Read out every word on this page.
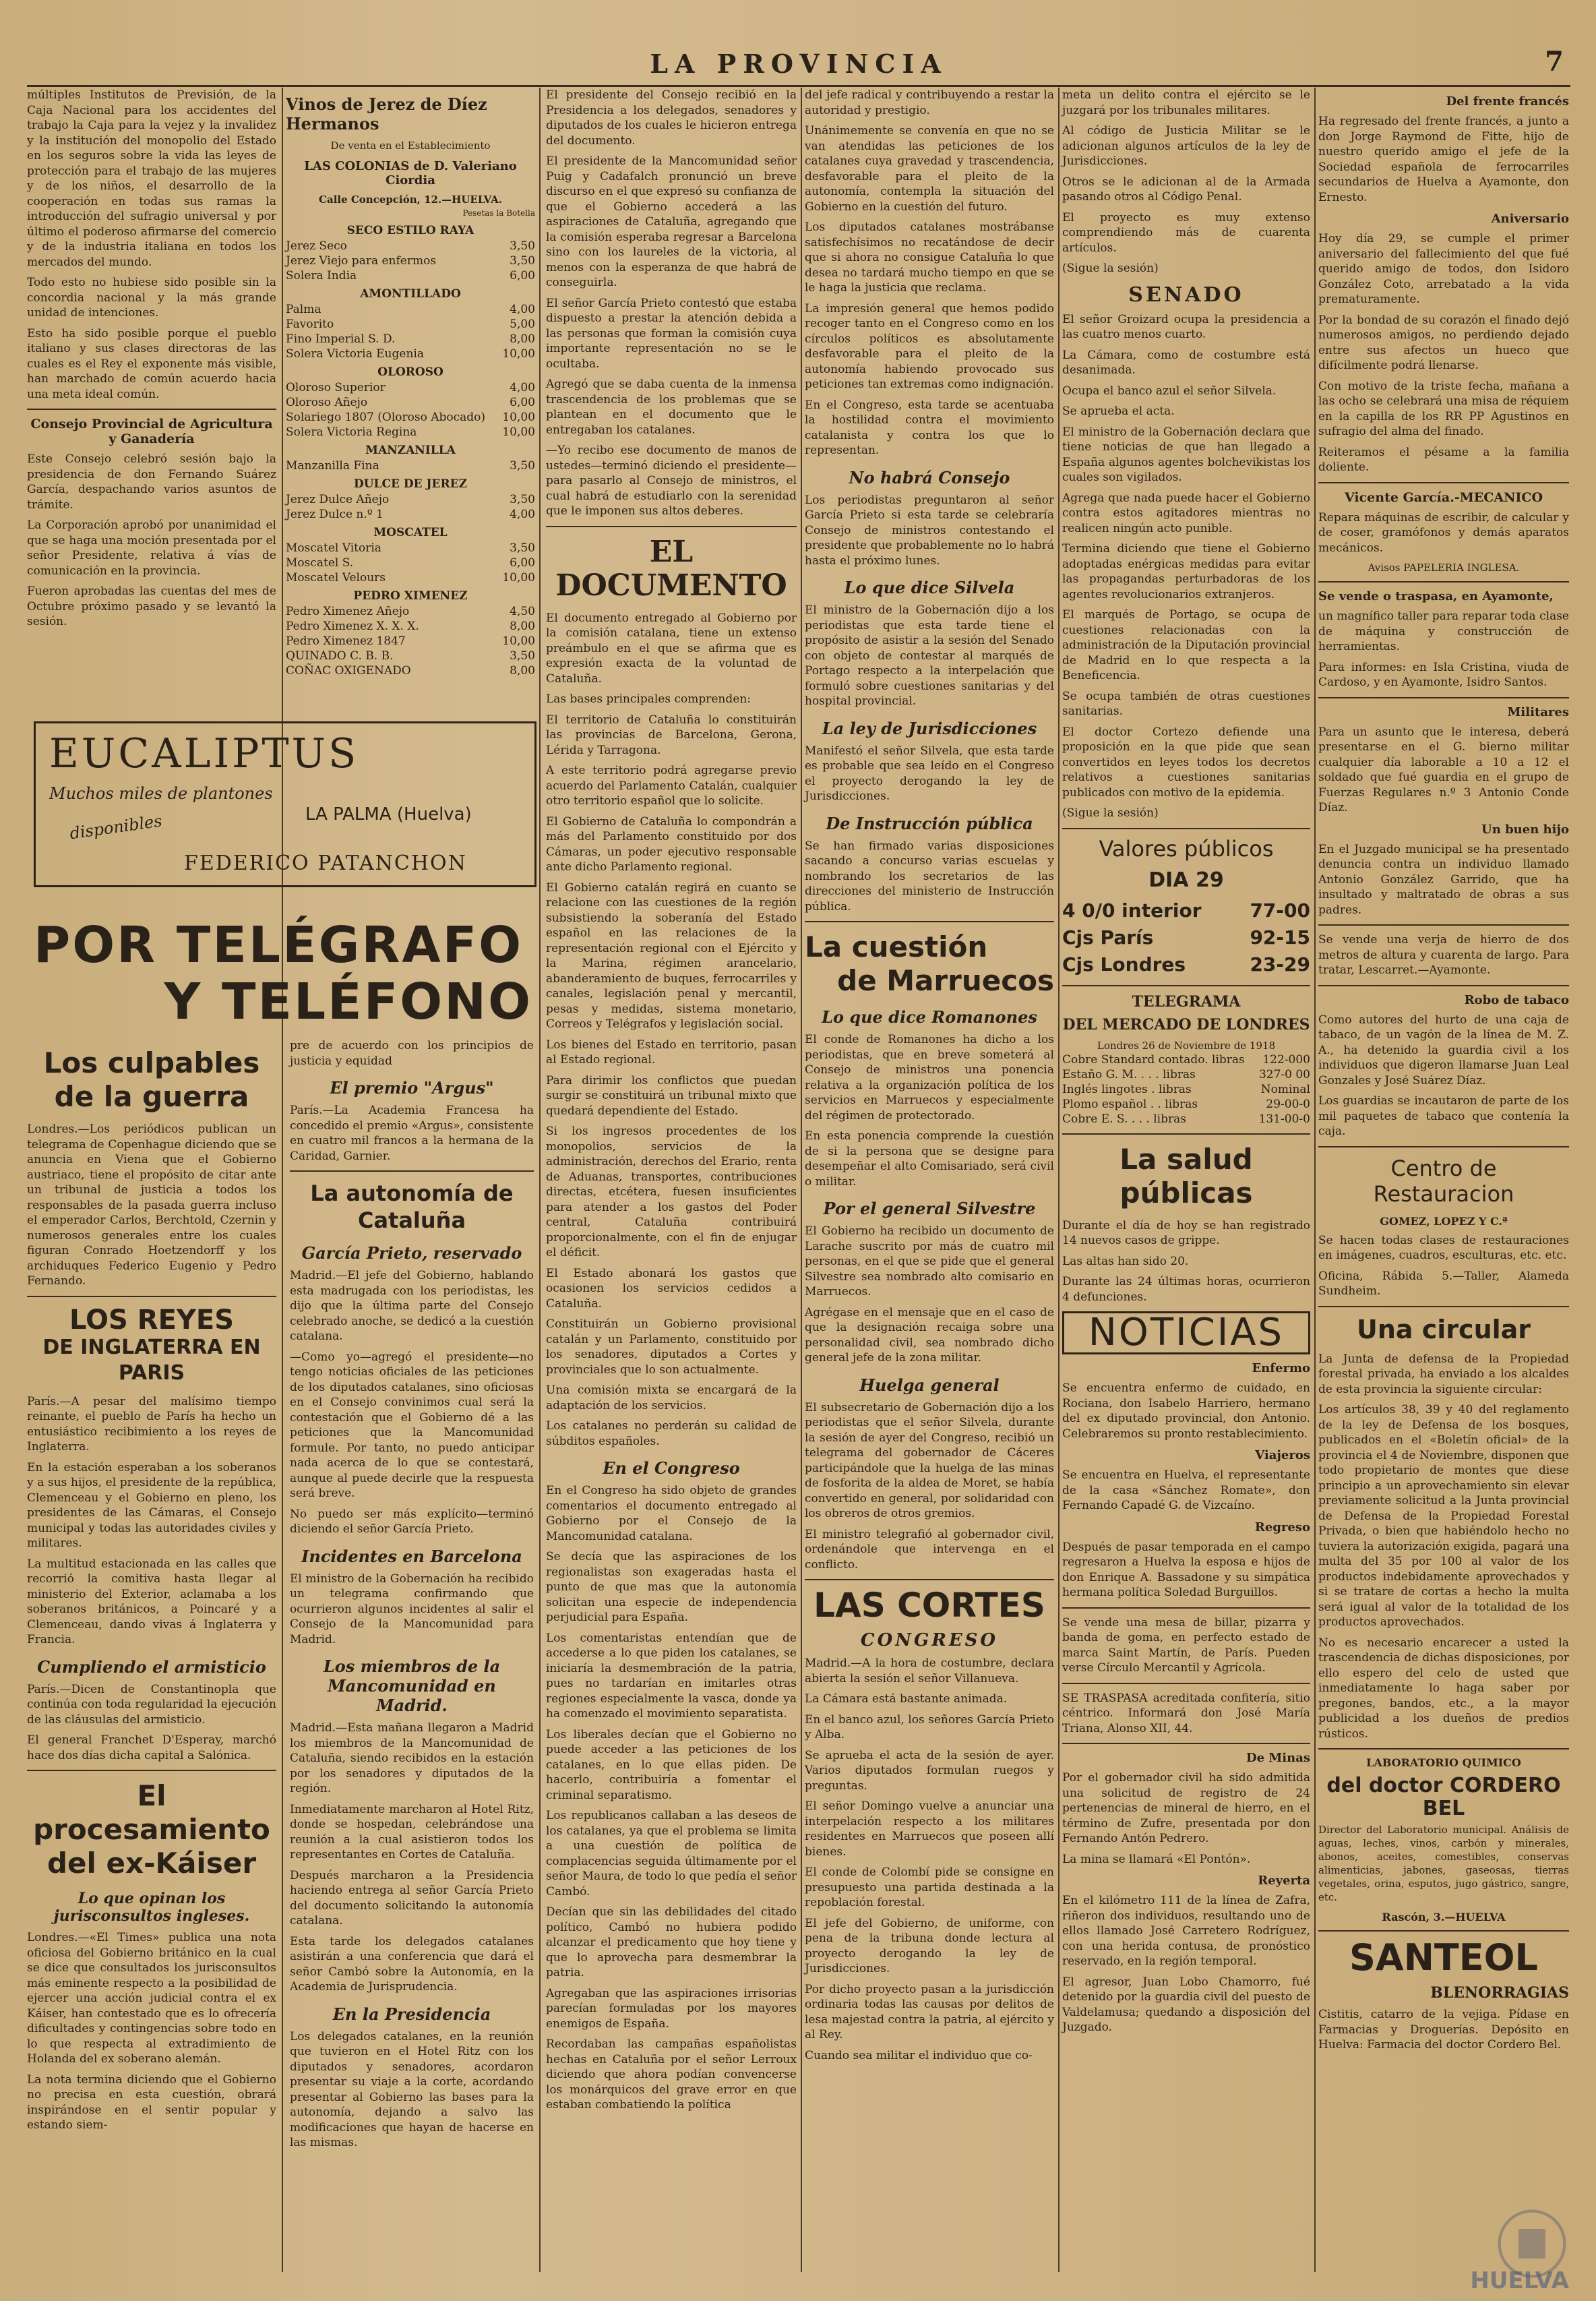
LA PROVINCIA	7

múltiples Institutos de Previsión, de la Caja Nacional para los accidentes del trabajo la Caja para la vejez y la invalidez y la institución del monopolio del Estado en los seguros sobre la vida las leyes de protección para el trabajo de las mujeres y de los niños, el desarrollo de la cooperación en todas sus ramas la introducción del sufragio universal y por último el poderoso afirmarse del comercio y de la industria italiana en todos los mercados del mundo.

Todo esto no hubiese sido posible sin la concordia nacional y la más grande unidad de intenciones.

Esto ha sido posible porque el pueblo italiano y sus clases directoras de las cuales es el Rey el exponente más visible, han marchado de común acuerdo hacia una meta ideal común.

Consejo Provincial de Agricultura y Ganadería

Este Consejo celebró sesión bajo la presidencia de don Fernando Suárez García, despachando varios asuntos de trámite.

La Corporación aprobó por unanimidad el que se haga una moción presentada por el señor Presidente, relativa á vías de comunicación en la provincia.

Fueron aprobadas las cuentas del mes de Octubre próximo pasado y se levantó la sesión.

Vinos de Jerez de Díez Hermanos
De venta en el Establecimiento
LAS COLONIAS de D. Valeriano Ciordia
Calle Concepción, 12.—HUELVA.
Pesetas la Botella
SECO ESTILO RAYA
Jerez Seco	3,50
Jerez Viejo para enfermos	3,50
Solera India	6,00
AMONTILLADO
Palma	4,00
Favorito	5,00
Fino Imperial S. D.	8,00
Solera Victoria Eugenia	10,00
OLOROSO
Oloroso Superior	4,00
Oloroso Añejo	6,00
Solariego 1807 (Oloroso Abocado) 10,00
Solera Victoria Regina	10,00
MANZANILLA
Manzanilla Fina	3,50
DULCE DE JEREZ
Jerez Dulce Añejo	3,50
Jerez Dulce n.º 1	4,00
MOSCATEL
Moscatel Vitoria	3,50
Moscatel S.	6,00
Moscatel Velours	10,00
PEDRO XIMENEZ
Pedro Ximenez Añejo	4,50
Pedro Ximenez X. X. X.	8,00
Pedro Ximenez 1847	10,00
QUINADO C. B. B.	3,50
COÑAC OXIGENADO	8,00
EUCALIPTUS
Muchos miles de plantones
disponibles	LA PALMA (Huelva)
FEDERICO PATANCHON
POR TELÉGRAFO
Y TELÉFONO
Los culpables de la guerra

Londres.—Los periódicos publican un telegrama de Copenhague diciendo que se anuncia en Viena que el Gobierno austriaco, tiene el propósito de citar ante un tribunal de justicia a todos los responsables de la pasada guerra incluso el emperador Carlos, Berchtold, Czernin y numerosos generales entre los cuales figuran Conrado Hoetzendorff y los archiduques Federico Eugenio y Pedro Fernando.

LOS REYES
DE INGLATERRA EN PARIS

París.—A pesar del malísimo tiempo reinante, el pueblo de París ha hecho un entusiástico recibimiento a los reyes de Inglaterra.

En la estación esperaban a los soberanos y a sus hijos, el presidente de la república, Clemenceau y el Gobierno en pleno, los presidentes de las Cámaras, el Consejo municipal y todas las autoridades civiles y militares.

La multitud estacionada en las calles que recorrió la comitiva hasta llegar al ministerio del Exterior, aclamaba a los soberanos británicos, a Poincaré y a Clemenceau, dando vivas á Inglaterra y Francia.

Cumpliendo el armisticio

París.—Dicen de Constantinopla que continúa con toda regularidad la ejecución de las cláusulas del armisticio.

El general Franchet D'Esperay, marchó hace dos días dicha capital a Salónica.

El procesamiento del ex-Káiser
Lo que opinan los jurisconsultos ingleses.

Londres.—«El Times» publica una nota oficiosa del Gobierno británico en la cual se dice que consultados los jurisconsultos más eminente respecto a la posibilidad de ejercer una acción judicial contra el ex Káiser, han contestado que es lo ofrecería dificultades y contingencias sobre todo en lo que respecta al extradimiento de Holanda del ex soberano alemán.

La nota termina diciendo que el Gobierno no precisa en esta cuestión, obrará inspirándose en el sentir popular y estando siem-

pre de acuerdo con los principios de justicia y equidad

El premio "Argus"

París.—La Academia Francesa ha concedido el premio «Argus», consistente en cuatro mil francos a la hermana de la Caridad, Garnier.

La autonomía de Cataluña
García Prieto, reservado

Madrid.—El jefe del Gobierno, hablando esta madrugada con los periodistas, les dijo que la última parte del Consejo celebrado anoche, se dedicó a la cuestión catalana.

—Como yo—agregó el presidente—no tengo noticias oficiales de las peticiones de los diputados catalanes, sino oficiosas en el Consejo convinimos cual será la contestación que el Gobierno dé a las peticiones que la Mancomunidad formule. Por tanto, no puedo anticipar nada acerca de lo que se contestará, aunque al puede decirle que la respuesta será breve.

No puedo ser más explícito—terminó diciendo el señor García Prieto.

Incidentes en Barcelona

El ministro de la Gobernación ha recibido un telegrama confirmando que ocurrieron algunos incidentes al salir el Consejo de la Mancomunidad para Madrid.

Los miembros de la Mancomunidad en Madrid.

Madrid.—Esta mañana llegaron a Madrid los miembros de la Mancomunidad de Cataluña, siendo recibidos en la estación por los senadores y diputados de la región.

Inmediatamente marcharon al Hotel Ritz, donde se hospedan, celebrándose una reunión a la cual asistieron todos los representantes en Cortes de Cataluña.

Después marcharon a la Presidencia haciendo entrega al señor García Prieto del documento solicitando la autonomía catalana.

Esta tarde los delegados catalanes asistirán a una conferencia que dará el señor Cambó sobre la Autonomía, en la Academia de Jurisprudencia.

En la Presidencia

Los delegados catalanes, en la reunión que tuvieron en el Hotel Ritz con los diputados y senadores, acordaron presentar su viaje a la corte, acordando presentar al Gobierno las bases para la autonomía, dejando a salvo las modificaciones que hayan de hacerse en las mismas.

El presidente del Consejo recibió en la Presidencia a los delegados, senadores y diputados de los cuales le hicieron entrega del documento.

El presidente de la Mancomunidad señor Puig y Cadafalch pronunció un breve discurso en el que expresó su confianza de que el Gobierno accederá a las aspiraciones de Cataluña, agregando que la comisión esperaba regresar a Barcelona sino con los laureles de la victoria, al menos con la esperanza de que habrá de conseguirla.

El señor García Prieto contestó que estaba dispuesto a prestar la atención debida a las personas que forman la comisión cuya importante representación no se le ocultaba.

Agregó que se daba cuenta de la inmensa trascendencia de los problemas que se plantean en el documento que le entregaban los catalanes.

—Yo recibo ese documento de manos de ustedes—terminó diciendo el presidente—para pasarlo al Consejo de ministros, el cual habrá de estudiarlo con la serenidad que le imponen sus altos deberes.

EL DOCUMENTO

El documento entregado al Gobierno por la comisión catalana, tiene un extenso preámbulo en el que se afirma que es expresión exacta de la voluntad de Cataluña.

Las bases principales comprenden:

El territorio de Cataluña lo constituirán las provincias de Barcelona, Gerona, Lérida y Tarragona.

A este territorio podrá agregarse previo acuerdo del Parlamento Catalán, cualquier otro territorio español que lo solicite.

El Gobierno de Cataluña lo compondrán a más del Parlamento constituido por dos Cámaras, un poder ejecutivo responsable ante dicho Parlamento regional.

El Gobierno catalán regirá en cuanto se relacione con las cuestiones de la región subsistiendo la soberanía del Estado español en las relaciones de la representación regional con el Ejército y la Marina, régimen arancelario, abanderamiento de buques, ferrocarriles y canales, legislación penal y mercantil, pesas y medidas, sistema monetario, Correos y Telégrafos y legislación social.

Los bienes del Estado en territorio, pasan al Estado regional.

Para dirimir los conflictos que puedan surgir se constituirá un tribunal mixto que quedará dependiente del Estado.

Si los ingresos procedentes de los monopolios, servicios de la administración, derechos del Erario, renta de Aduanas, transportes, contribuciones directas, etcétera, fuesen insuficientes para atender a los gastos del Poder central, Cataluña contribuirá proporcionalmente, con el fin de enjugar el déficit.

El Estado abonará los gastos que ocasionen los servicios cedidos a Cataluña.

Constituirán un Gobierno provisional catalán y un Parlamento, constituido por los senadores, diputados a Cortes y provinciales que lo son actualmente.

Una comisión mixta se encargará de la adaptación de los servicios.

Los catalanes no perderán su calidad de súbditos españoles.

En el Congreso

En el Congreso ha sido objeto de grandes comentarios el documento entregado al Gobierno por el Consejo de la Mancomunidad catalana.

Se decía que las aspiraciones de los regionalistas son exageradas hasta el punto de que mas que la autonomía solicitan una especie de independencia perjudicial para España.

Los comentaristas entendían que de accederse a lo que piden los catalanes, se iniciaría la desmembración de la patria, pues no tardarían en imitarles otras regiones especialmente la vasca, donde ya ha comenzado el movimiento separatista.

Los liberales decían que el Gobierno no puede acceder a las peticiones de los catalanes, en lo que ellas piden. De hacerlo, contribuiría a fomentar el criminal separatismo.

Los republicanos callaban a las deseos de los catalanes, ya que el problema se limita a una cuestión de política de complacencias seguida últimamente por el señor Maura, de todo lo que pedía el señor Cambó.

Decían que sin las debilidades del citado político, Cambó no hubiera podido alcanzar el predicamento que hoy tiene y que lo aprovecha para desmembrar la patria.

Agregaban que las aspiraciones irrisorias parecían formuladas por los mayores enemigos de España.

Recordaban las campañas españolistas hechas en Cataluña por el señor Lerroux diciendo que ahora podían convencerse los monárquicos del grave error en que estaban combatiendo la política

del jefe radical y contribuyendo a restar la autoridad y prestigio.

Unánimemente se convenía en que no se van atendidas las peticiones de los catalanes cuya gravedad y trascendencia, desfavorable para el pleito de la autonomía, contempla la situación del Gobierno en la cuestión del futuro.

Los diputados catalanes mostrábanse satisfechísimos no recatándose de decir que si ahora no consigue Cataluña lo que desea no tardará mucho tiempo en que se le haga la justicia que reclama.

La impresión general que hemos podido recoger tanto en el Congreso como en los círculos políticos es absolutamente desfavorable para el pleito de la autonomía habiendo provocado sus peticiones tan extremas como indignación.

En el Congreso, esta tarde se acentuaba la hostilidad contra el movimiento catalanista y contra los que lo representan.

No habrá Consejo

Los periodistas preguntaron al señor García Prieto si esta tarde se celebraría Consejo de ministros contestando el presidente que probablemente no lo habrá hasta el próximo lunes.

Lo que dice Silvela

El ministro de la Gobernación dijo a los periodistas que esta tarde tiene el propósito de asistir a la sesión del Senado con objeto de contestar al marqués de Portago respecto a la interpelación que formuló sobre cuestiones sanitarias y del hospital provincial.

La ley de Jurisdicciones

Manifestó el señor Silvela, que esta tarde es probable que sea leído en el Congreso el proyecto derogando la ley de Jurisdicciones.

De Instrucción pública

Se han firmado varias disposiciones sacando a concurso varias escuelas y nombrando los secretarios de las direcciones del ministerio de Instrucción pública.

La cuestión
de Marruecos
Lo que dice Romanones

El conde de Romanones ha dicho a los periodistas, que en breve someterá al Consejo de ministros una ponencia relativa a la organización política de los servicios en Marruecos y especialmente del régimen de protectorado.

En esta ponencia comprende la cuestión de si la persona que se designe para desempeñar el alto Comisariado, será civil o militar.

Por el general Silvestre

El Gobierno ha recibido un documento de Larache suscrito por más de cuatro mil personas, en el que se pide que el general Silvestre sea nombrado alto comisario en Marruecos.

Agrégase en el mensaje que en el caso de que la designación recaiga sobre una personalidad civil, sea nombrado dicho general jefe de la zona militar.

Huelga general

El subsecretario de Gobernación dijo a los periodistas que el señor Silvela, durante la sesión de ayer del Congreso, recibió un telegrama del gobernador de Cáceres participándole que la huelga de las minas de fosforita de la aldea de Moret, se había convertido en general, por solidaridad con los obreros de otros gremios.

El ministro telegrafió al gobernador civil, ordenándole que intervenga en el conflicto.

LAS CORTES
CONGRESO

Madrid.—A la hora de costumbre, declara abierta la sesión el señor Villanueva.

La Cámara está bastante animada.

En el banco azul, los señores García Prieto y Alba.

Se aprueba el acta de la sesión de ayer. Varios diputados formulan ruegos y preguntas.

El señor Domingo vuelve a anunciar una interpelación respecto a los militares residentes en Marruecos que poseen allí bienes.

El conde de Colombí pide se consigne en presupuesto una partida destinada a la repoblación forestal.

El jefe del Gobierno, de uniforme, con pena de la tribuna donde lectura al proyecto derogando la ley de Jurisdicciones.

Por dicho proyecto pasan a la jurisdicción ordinaria todas las causas por delitos de lesa majestad contra la patria, al ejército y al Rey.

Cuando sea militar el individuo que co-

meta un delito contra el ejército se le juzgará por los tribunales militares.

Al código de Justicia Militar se le adicionan algunos artículos de la ley de Jurisdicciones.

Otros se le adicionan al de la Armada pasando otros al Código Penal.

El proyecto es muy extenso comprendiendo más de cuarenta artículos.

(Sigue la sesión)

SENADO

El señor Groizard ocupa la presidencia a las cuatro menos cuarto.

La Cámara, como de costumbre está desanimada.

Ocupa el banco azul el señor Silvela.

Se aprueba el acta.

El ministro de la Gobernación declara que tiene noticias de que han llegado a España algunos agentes bolchevikistas los cuales son vigilados.

Agrega que nada puede hacer el Gobierno contra estos agitadores mientras no realicen ningún acto punible.

Termina diciendo que tiene el Gobierno adoptadas enérgicas medidas para evitar las propagandas perturbadoras de los agentes revolucionarios extranjeros.

El marqués de Portago, se ocupa de cuestiones relacionadas con la administración de la Diputación provincial de Madrid en lo que respecta a la Beneficencia.

Se ocupa también de otras cuestiones sanitarias.

El doctor Cortezo defiende una proposición en la que pide que sean convertidos en leyes todos los decretos relativos a cuestiones sanitarias publicados con motivo de la epidemia.

(Sigue la sesión)

Valores públicos
DIA 29
4 0/0 interior	77-00
Cjs París	92-15
Cjs Londres	23-29
TELEGRAMA
DEL MERCADO DE LONDRES
Londres 26 de Noviembre de 1918
Cobre Standard contado. libras 122-000
Estaño G. M. . . . libras	327-0 00
Inglés lingotes . libras	Nominal
Plomo español . . libras	29-00-0
Cobre E. S. . . . libras	131-00-0
La salud públicas

Durante el día de hoy se han registrado 14 nuevos casos de grippe.

Las altas han sido 20.

Durante las 24 últimas horas, ocurrieron 4 defunciones.

NOTICIAS
Enfermo

Se encuentra enfermo de cuidado, en Rociana, don Isabelo Harriero, hermano del ex diputado provincial, don Antonio. Celebraremos su pronto restablecimiento.

Viajeros

Se encuentra en Huelva, el representante de la casa «Sánchez Romate», don Fernando Capadé G. de Vizcaíno.

Regreso

Después de pasar temporada en el campo regresaron a Huelva la esposa e hijos de don Enrique A. Bassadone y su simpática hermana política Soledad Burguillos.

Se vende una mesa de billar, pizarra y banda de goma, en perfecto estado de marca Saint Martín, de París. Pueden verse Círculo Mercantil y Agrícola.

SE TRASPASA acreditada confitería, sitio céntrico. Informará don José María Triana, Alonso XII, 44.

De Minas

Por el gobernador civil ha sido admitida una solicitud de registro de 24 pertenencias de mineral de hierro, en el término de Zufre, presentada por don Fernando Antón Pedrero.

La mina se llamará «El Pontón».

Reyerta

En el kilómetro 111 de la línea de Zafra, riñeron dos individuos, resultando uno de ellos llamado José Carretero Rodríguez, con una herida contusa, de pronóstico reservado, en la región temporal.

El agresor, Juan Lobo Chamorro, fué detenido por la guardia civil del puesto de Valdelamusa; quedando a disposición del Juzgado.

Del frente francés

Ha regresado del frente francés, a junto a don Jorge Raymond de Fitte, hijo de nuestro querido amigo el jefe de la Sociedad española de ferrocarriles secundarios de Huelva a Ayamonte, don Ernesto.

Aniversario

Hoy día 29, se cumple el primer aniversario del fallecimiento del que fué querido amigo de todos, don Isidoro González Coto, arrebatado a la vida prematuramente.

Por la bondad de su corazón el finado dejó numerosos amigos, no perdiendo dejado entre sus afectos un hueco que difícilmente podrá llenarse.

Con motivo de la triste fecha, mañana a las ocho se celebrará una misa de réquiem en la capilla de los RR PP Agustinos en sufragio del alma del finado.

Reiteramos el pésame a la familia doliente.

Vicente García.-MECANICO

Repara máquinas de escribir, de calcular y de coser, gramófonos y demás aparatos mecánicos.

Avisos PAPELERIA INGLESA.
Se vende o traspasa, en Ayamonte,

un magnífico taller para reparar toda clase de máquina y construcción de herramientas.

Para informes: en Isla Cristina, viuda de Cardoso, y en Ayamonte, Isidro Santos.

Militares

Para un asunto que le interesa, deberá presentarse en el G. bierno militar cualquier día laborable a 10 a 12 el soldado que fué guardia en el grupo de Fuerzas Regulares n.º 3 Antonio Conde Díaz.

Un buen hijo

En el Juzgado municipal se ha presentado denuncia contra un individuo llamado Antonio González Garrido, que ha insultado y maltratado de obras a sus padres.

Se vende una verja de hierro de dos metros de altura y cuarenta de largo. Para tratar, Lescarret.—Ayamonte.

Robo de tabaco

Como autores del hurto de una caja de tabaco, de un vagón de la línea de M. Z. A., ha detenido la guardia civil a los individuos que digeron llamarse Juan Leal Gonzales y José Suárez Díaz.

Los guardias se incautaron de parte de los mil paquetes de tabaco que contenía la caja.

Centro de Restauracion
GOMEZ, LOPEZ Y C.ª

Se hacen todas clases de restauraciones en imágenes, cuadros, esculturas, etc. etc.

Oficina, Rábida 5.—Taller, Alameda Sundheim.

Una circular

La Junta de defensa de la Propiedad forestal privada, ha enviado a los alcaldes de esta provincia la siguiente circular:

Los artículos 38, 39 y 40 del reglamento de la ley de Defensa de los bosques, publicados en el «Boletín oficial» de la provincia el 4 de Noviembre, disponen que todo propietario de montes que diese principio a un aprovechamiento sin elevar previamente solicitud a la Junta provincial de Defensa de la Propiedad Forestal Privada, o bien que habiéndolo hecho no tuviera la autorización exigida, pagará una multa del 35 por 100 al valor de los productos indebidamente aprovechados y si se tratare de cortas a hecho la multa será igual al valor de la totalidad de los productos aprovechados.

No es necesario encarecer a usted la trascendencia de dichas disposiciones, por ello espero del celo de usted que inmediatamente lo haga saber por pregones, bandos, etc., a la mayor publicidad a los dueños de predios rústicos.

LABORATORIO QUIMICO
del doctor CORDERO BEL

Director del Laboratorio municipal. Análisis de aguas, leches, vinos, carbón y minerales, abonos, aceites, comestibles, conservas alimenticias, jabones, gaseosas, tierras vegetales, orina, esputos, jugo gástrico, sangre, etc.

Rascón, 3.—HUELVA
SANTEOL
BLENORRAGIAS

Cistitis, catarro de la vejiga. Pídase en Farmacias y Droguerías. Depósito en Huelva: Farmacia del doctor Cordero Bel.

HUELVA
